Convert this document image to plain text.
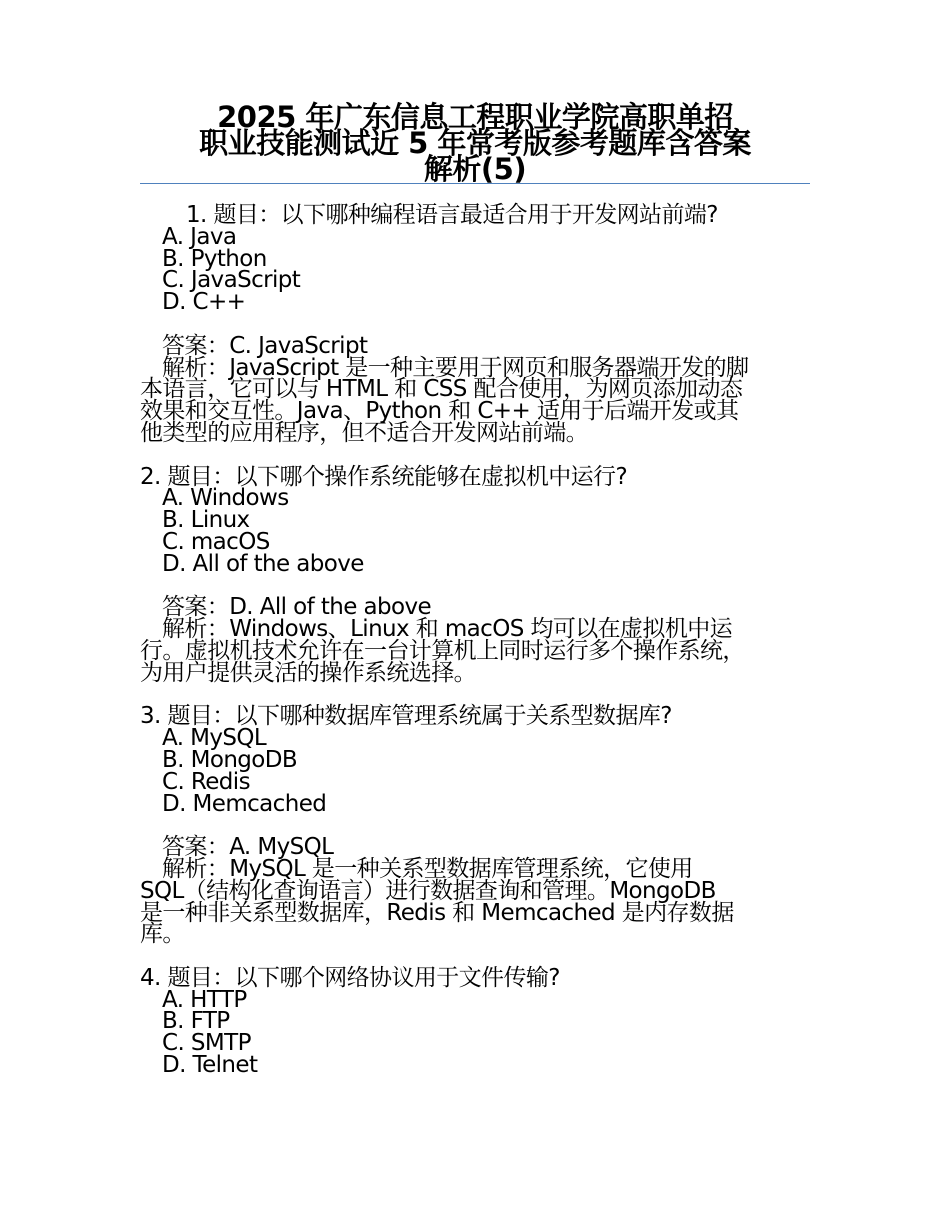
2025 年广东信息工程职业学院高职单招
职业技能测试近 5 年常考版参考题库含答案
解析(5)
1. 题目：以下哪种编程语言最适合用于开发网站前端?
A. Java
B. Python
C. JavaScript
D. C++
答案：C. JavaScript
解析：JavaScript 是一种主要用于网页和服务器端开发的脚
本语言，它可以与 HTML 和 CSS 配合使用，为网页添加动态
效果和交互性。Java、Python 和 C++ 适用于后端开发或其
他类型的应用程序，但不适合开发网站前端。
2. 题目：以下哪个操作系统能够在虚拟机中运行?
A. Windows
B. Linux
C. macOS
D. All of the above
答案：D. All of the above
解析：Windows、Linux 和 macOS 均可以在虚拟机中运
行。虚拟机技术允许在一台计算机上同时运行多个操作系统，
为用户提供灵活的操作系统选择。
3. 题目：以下哪种数据库管理系统属于关系型数据库?
A. MySQL
B. MongoDB
C. Redis
D. Memcached
答案：A. MySQL
解析：MySQL 是一种关系型数据库管理系统，它使用
SQL（结构化查询语言）进行数据查询和管理。MongoDB
是一种非关系型数据库，Redis 和 Memcached 是内存数据
库。
4. 题目：以下哪个网络协议用于文件传输?
A. HTTP
B. FTP
C. SMTP
D. Telnet
